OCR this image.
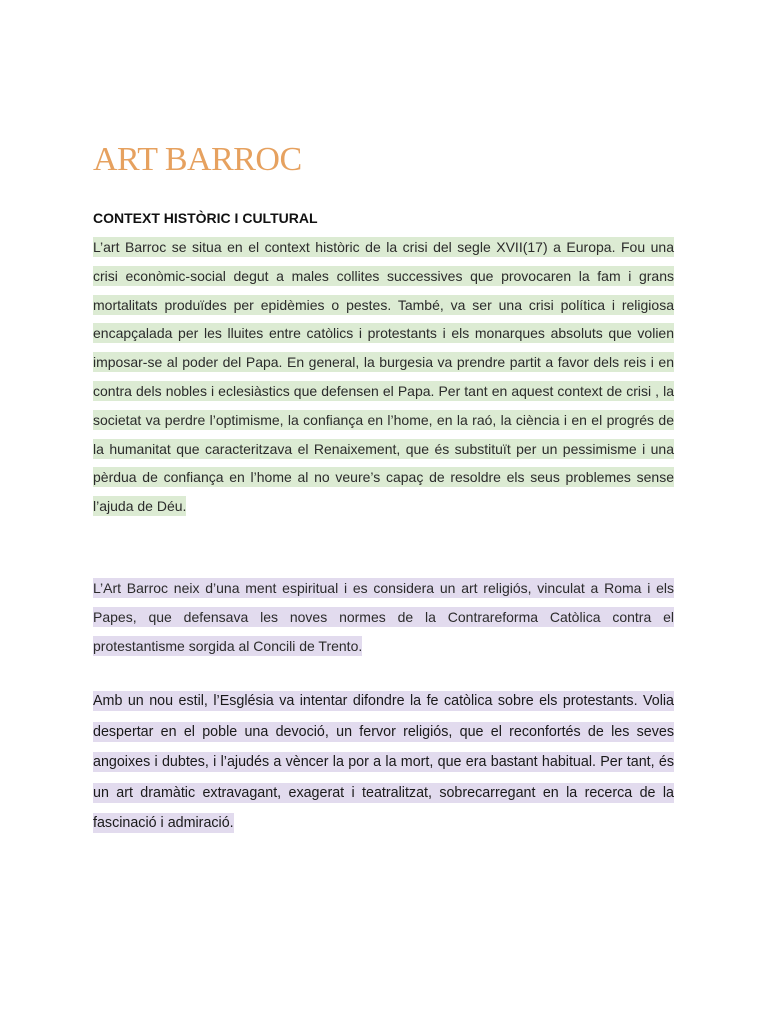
ART BARROC
CONTEXT HISTÒRIC I CULTURAL

L’art Barroc se situa en el context històric de la crisi del segle XVII(17) a Europa. Fou una crisi econòmic-social degut a males collites successives que provocaren la fam i grans mortalitats produïdes per epidèmies o pestes. També, va ser una crisi política i religiosa encapçalada per les lluites entre catòlics i protestants i els monarques absoluts que volien imposar-se al poder del Papa. En general, la burgesia va prendre partit a favor dels reis i en contra dels nobles i eclesiàstics que defensen el Papa. Per tant en aquest context de crisi , la societat va perdre l’optimisme, la confiança en l’home, en la raó, la ciència i en el progrés de la humanitat que caracteritzava el Renaixement, que és substituït per un pessimisme i una pèrdua de confiança en l’home al no veure’s capaç de resoldre els seus problemes sense l’ajuda de Déu.

L’Art Barroc neix d’una ment espiritual i es considera un art religiós, vinculat a Roma i els Papes, que defensava les noves normes de la Contrareforma Catòlica contra el protestantisme sorgida al Concili de Trento.

Amb un nou estil, l’Església va intentar difondre la fe catòlica sobre els protestants. Volia despertar en el poble una devoció, un fervor religiós, que el reconfortés de les seves angoixes i dubtes, i l’ajudés a vèncer la por a la mort, que era bastant habitual. Per tant, és un art dramàtic extravagant, exagerat i teatralitzat, sobrecarregant en la recerca de la fascinació i admiració.
